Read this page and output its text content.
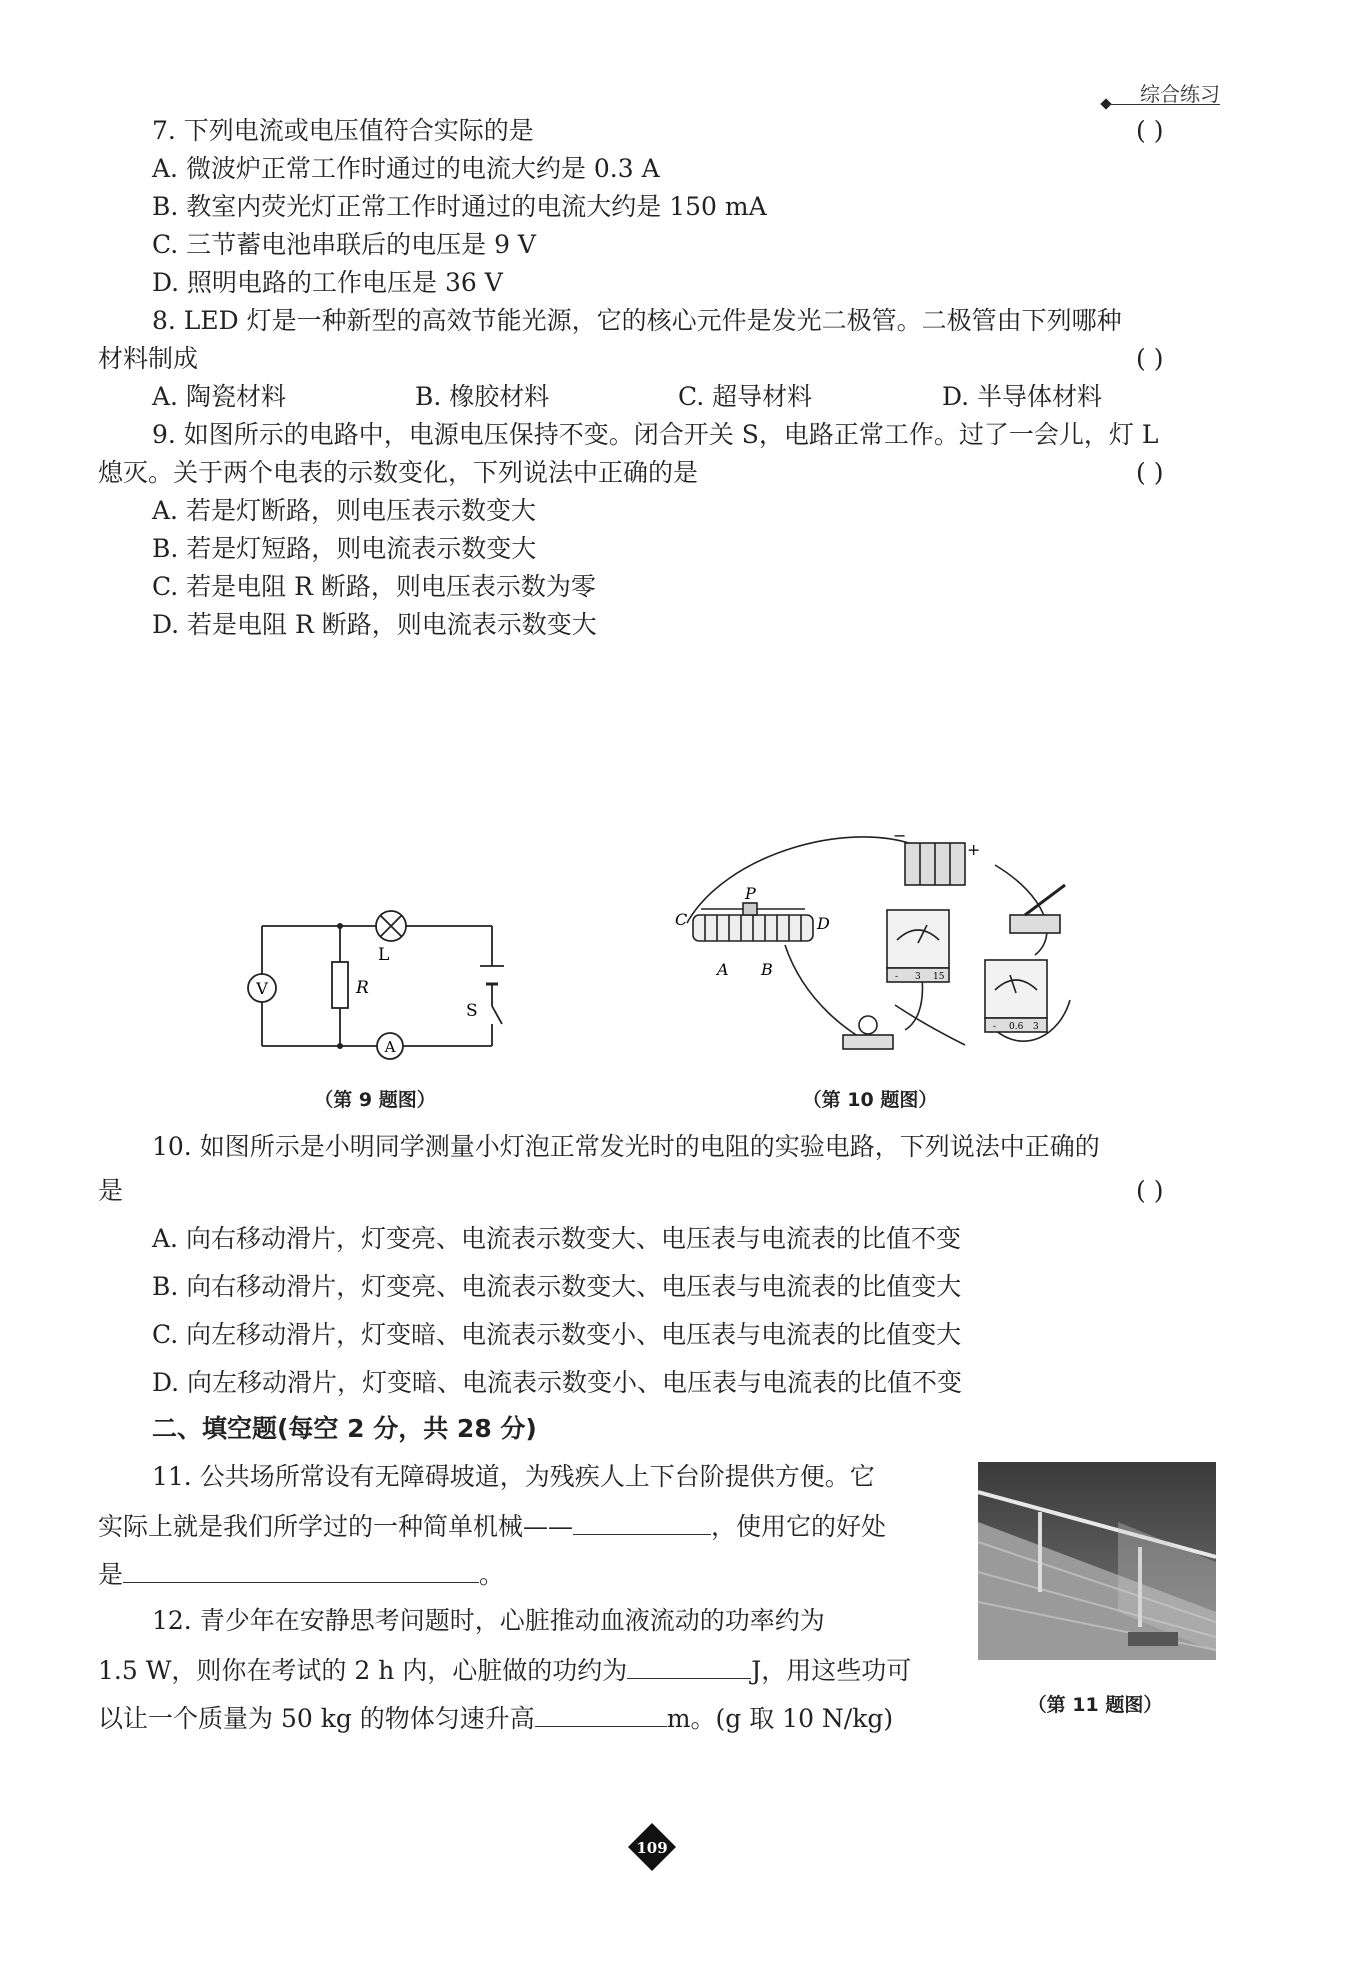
综合练习
7. 下列电流或电压值符合实际的是	( )
A. 微波炉正常工作时通过的电流大约是 0.3 A
B. 教室内荧光灯正常工作时通过的电流大约是 150 mA
C. 三节蓄电池串联后的电压是 9 V
D. 照明电路的工作电压是 36 V
8. LED 灯是一种新型的高效节能光源，它的核心元件是发光二极管。二极管由下列哪种
材料制成	( )
A. 陶瓷材料	B. 橡胶材料	C. 超导材料	D. 半导体材料
9. 如图所示的电路中，电源电压保持不变。闭合开关 S，电路正常工作。过了一会儿，灯 L
熄灭。关于两个电表的示数变化，下列说法中正确的是	( )
A. 若是灯断路，则电压表示数变大
B. 若是灯短路，则电流表示数变大
C. 若是电阻 R 断路，则电压表示数为零
D. 若是电阻 R 断路，则电流表示数变大
V	R
L
S
A
（第 9 题图）
C
P
D
A B
−
+
- 3 15
- 0.6 3
（第 10 题图）
10. 如图所示是小明同学测量小灯泡正常发光时的电阻的实验电路，下列说法中正确的
是	( )
A. 向右移动滑片，灯变亮、电流表示数变大、电压表与电流表的比值不变
B. 向右移动滑片，灯变亮、电流表示数变大、电压表与电流表的比值变大
C. 向左移动滑片，灯变暗、电流表示数变小、电压表与电流表的比值变大
D. 向左移动滑片，灯变暗、电流表示数变小、电压表与电流表的比值不变
二、填空题(每空 2 分，共 28 分)
11. 公共场所常设有无障碍坡道，为残疾人上下台阶提供方便。它
实际上就是我们所学过的一种简单机械——	，使用它的好处
是	。
（第 11 题图）
12. 青少年在安静思考问题时，心脏推动血液流动的功率约为
1.5 W，则你在考试的 2 h 内，心脏做的功约为	J，用这些功可
以让一个质量为 50 kg 的物体匀速升高	m。(g 取 10 N/kg)
109
